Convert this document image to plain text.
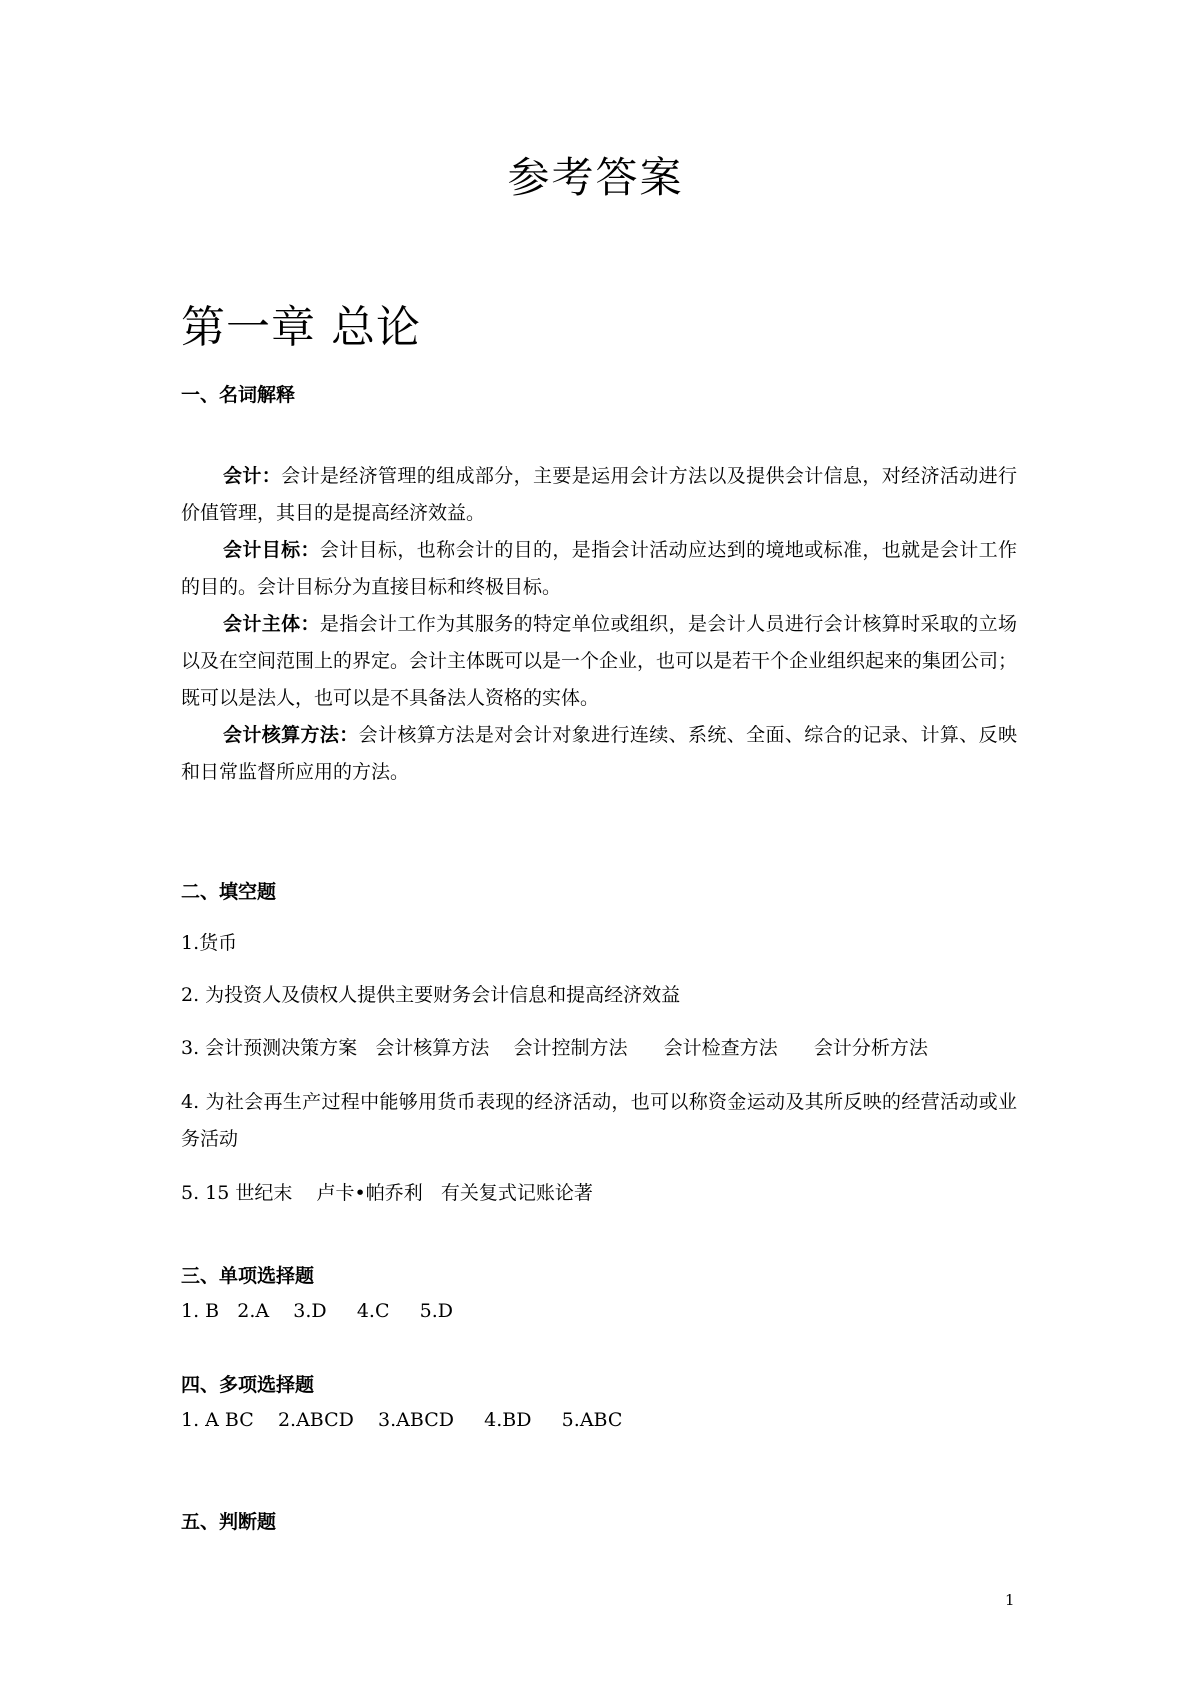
参考答案
第一章 总论
一、名词解释

会计：会计是经济管理的组成部分，主要是运用会计方法以及提供会计信息，对经济活动进行价值管理，其目的是提高经济效益。

会计目标：会计目标，也称会计的目的，是指会计活动应达到的境地或标准，也就是会计工作的目的。会计目标分为直接目标和终极目标。

会计主体：是指会计工作为其服务的特定单位或组织，是会计人员进行会计核算时采取的立场以及在空间范围上的界定。会计主体既可以是一个企业，也可以是若干个企业组织起来的集团公司；既可以是法人，也可以是不具备法人资格的实体。

会计核算方法：会计核算方法是对会计对象进行连续、系统、全面、综合的记录、计算、反映和日常监督所应用的方法。

二、填空题
1.货币
2. 为投资人及债权人提供主要财务会计信息和提高经济效益
3. 会计预测决策方案   会计核算方法    会计控制方法      会计检查方法      会计分析方法
4. 为社会再生产过程中能够用货币表现的经济活动，也可以称资金运动及其所反映的经营活动或业务活动
5. 15 世纪末    卢卡•帕乔利   有关复式记账论著
三、单项选择题
1. B   2.A    3.D     4.C     5.D
四、多项选择题
1. A BC    2.ABCD    3.ABCD     4.BD     5.ABC
五、判断题
1
